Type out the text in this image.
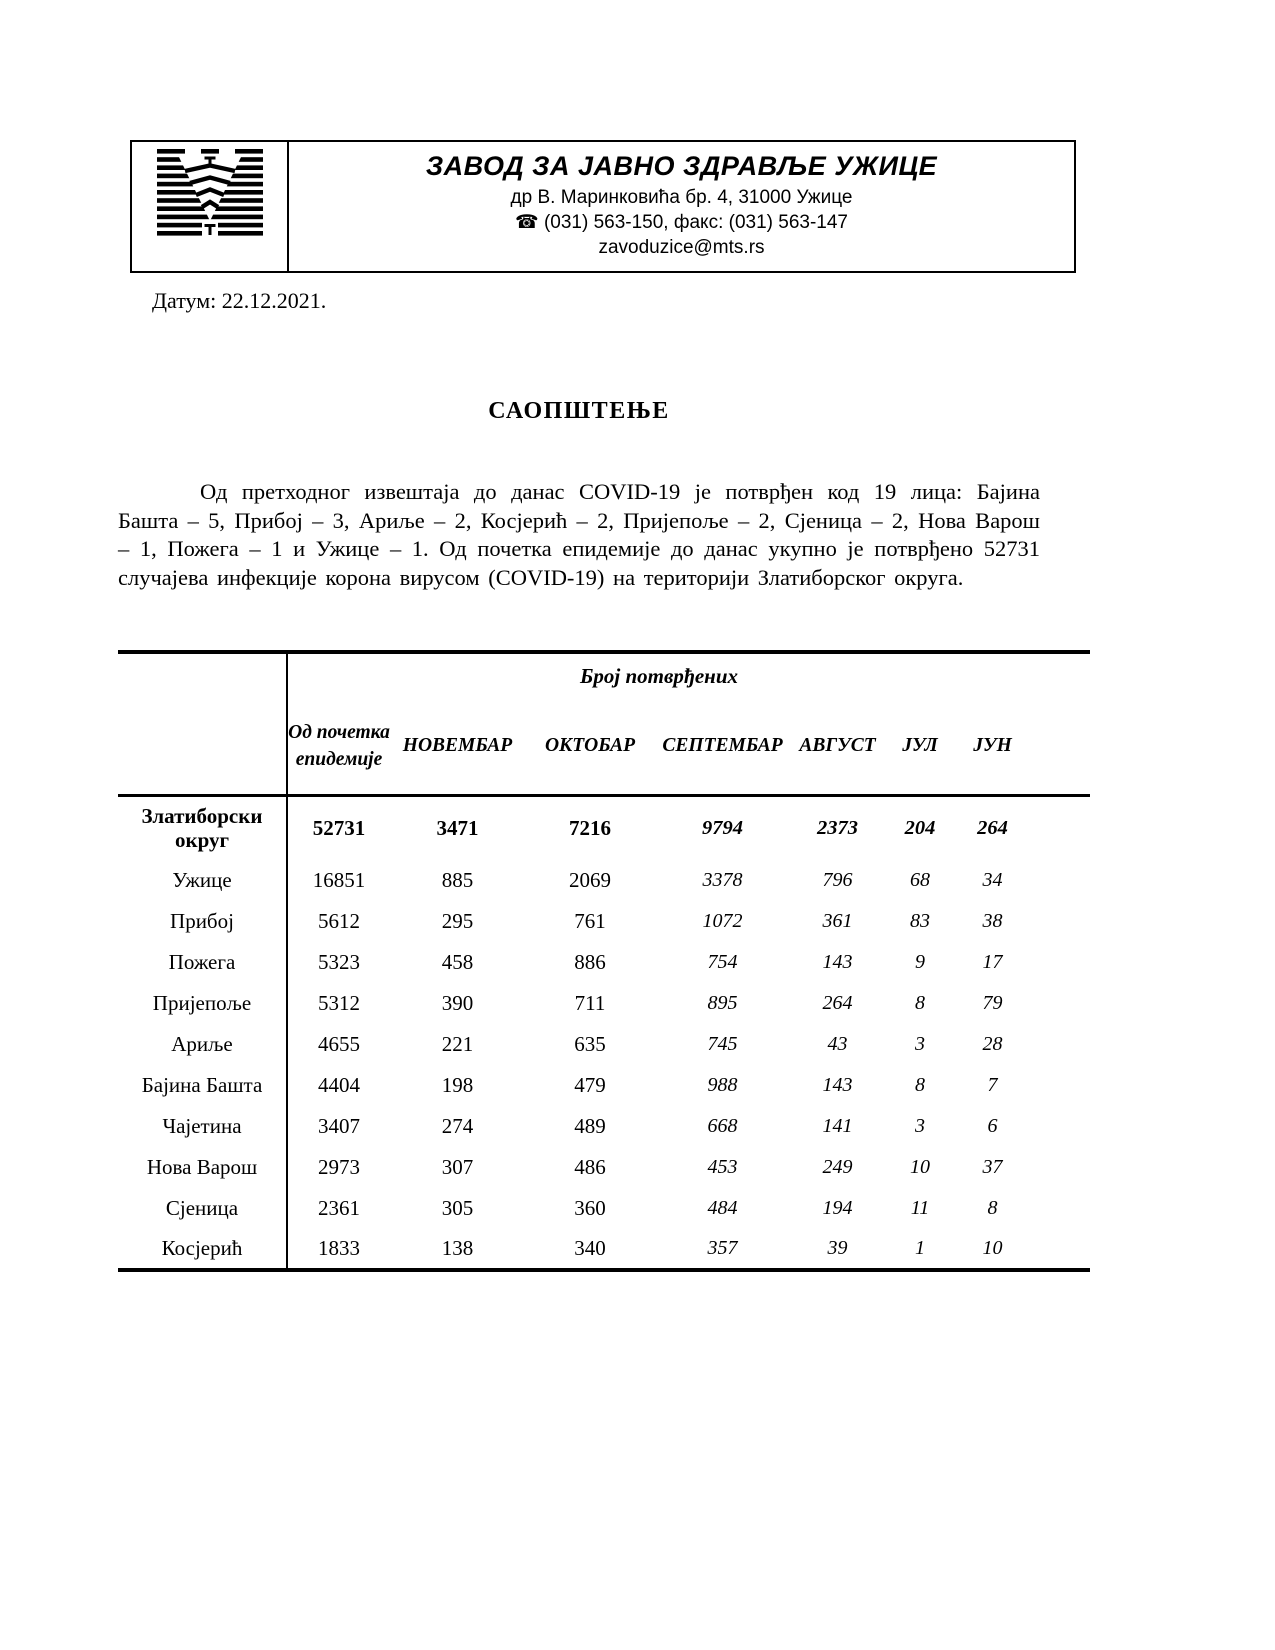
ЗАВОД ЗА ЈАВНО ЗДРАВЉЕ УЖИЦЕ
др В. Маринковића бр. 4, 31000 Ужице
☎ (031) 563-150, факс: (031) 563-147
zavoduzice@mts.rs
Датум: 22.12.2021.
САОПШТЕЊЕ

Од претходног извештаја до данас COVID-19 је потврђен код 19 лица: Бајина Башта – 5, Прибој – 3, Ариље – 2, Косјерић – 2, Пријепоље – 2, Сјеница – 2, Нова Варош – 1, Пожега – 1 и Ужице – 1. Од почетка епидемије до данас укупно је потврђено 52731 случајева инфекције корона вирусом (COVID-19) на територији Златиборског округа.

	Број потврђених							
	Од почетка епидемије	НОВЕМБАР	ОКТОБАР	СЕПТЕМБАР	АВГУСТ	ЈУЛ	ЈУН	
Златиборски округ	52731	3471	7216	9794	2373	204	264	
Ужице	16851	885	2069	3378	796	68	34	
Прибој	5612	295	761	1072	361	83	38	
Пожега	5323	458	886	754	143	9	17	
Пријепоље	5312	390	711	895	264	8	79	
Ариље	4655	221	635	745	43	3	28	
Бајина Башта	4404	198	479	988	143	8	7	
Чајетина	3407	274	489	668	141	3	6	
Нова Варош	2973	307	486	453	249	10	37	
Сјеница	2361	305	360	484	194	11	8	
Косјерић	1833	138	340	357	39	1	10	
